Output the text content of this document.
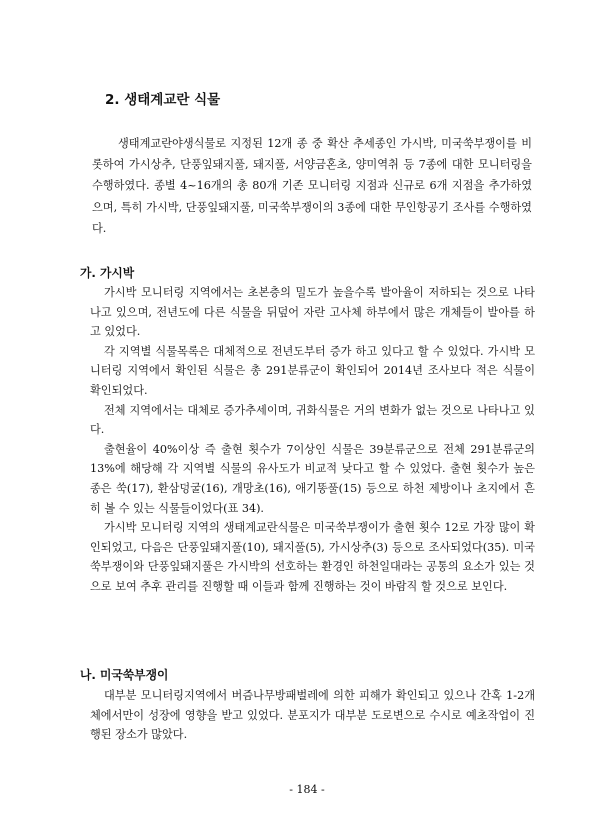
2. 생태계교란 식물

생태계교란야생식물로 지정된 12개 종 중 확산 추세종인 가시박, 미국쑥부쟁이를 비롯하여 가시상추, 단풍잎돼지풀, 돼지풀, 서양금혼초, 양미역취 등 7종에 대한 모니터링을 수행하였다. 종별 4~16개의 총 80개 기존 모니터링 지점과 신규로 6개 지점을 추가하였으며, 특히 가시박, 단풍잎돼지풀, 미국쑥부쟁이의 3종에 대한 무인항공기 조사를 수행하였다.

가. 가시박

가시박 모니터링 지역에서는 초본층의 밀도가 높을수록 발아율이 저하되는 것으로 나타나고 있으며, 전년도에 다른 식물을 뒤덮어 자란 고사체 하부에서 많은 개체들이 발아를 하고 있었다.

각 지역별 식물목록은 대체적으로 전년도부터 증가 하고 있다고 할 수 있었다. 가시박 모니터링 지역에서 확인된 식물은 총 291분류군이 확인되어 2014년 조사보다 적은 식물이 확인되었다.

전체 지역에서는 대체로 증가추세이며, 귀화식물은 거의 변화가 없는 것으로 나타나고 있다.

출현율이 40%이상 즉 출현 횟수가 7이상인 식물은 39분류군으로 전체 291분류군의 13%에 해당해 각 지역별 식물의 유사도가 비교적 낮다고 할 수 있었다. 출현 횟수가 높은 종은 쑥(17), 환삼덩굴(16), 개망초(16), 애기똥풀(15) 등으로 하천 제방이나 초지에서 흔히 볼 수 있는 식물들이었다(표 34).

가시박 모니터링 지역의 생태계교란식물은 미국쑥부쟁이가 출현 횟수 12로 가장 많이 확인되었고, 다음은 단풍잎돼지풀(10), 돼지풀(5), 가시상추(3) 등으로 조사되었다(35). 미국쑥부쟁이와 단풍잎돼지풀은 가시박의 선호하는 환경인 하천일대라는 공통의 요소가 있는 것으로 보여 추후 관리를 진행할 때 이들과 함께 진행하는 것이 바람직 할 것으로 보인다.

나. 미국쑥부쟁이

대부분 모니터링지역에서 버즘나무방패벌레에 의한 피해가 확인되고 있으나 간혹 1-2개체에서만이 성장에 영향을 받고 있었다. 분포지가 대부분 도로변으로 수시로 예초작업이 진행된 장소가 많았다.

- 184 -
